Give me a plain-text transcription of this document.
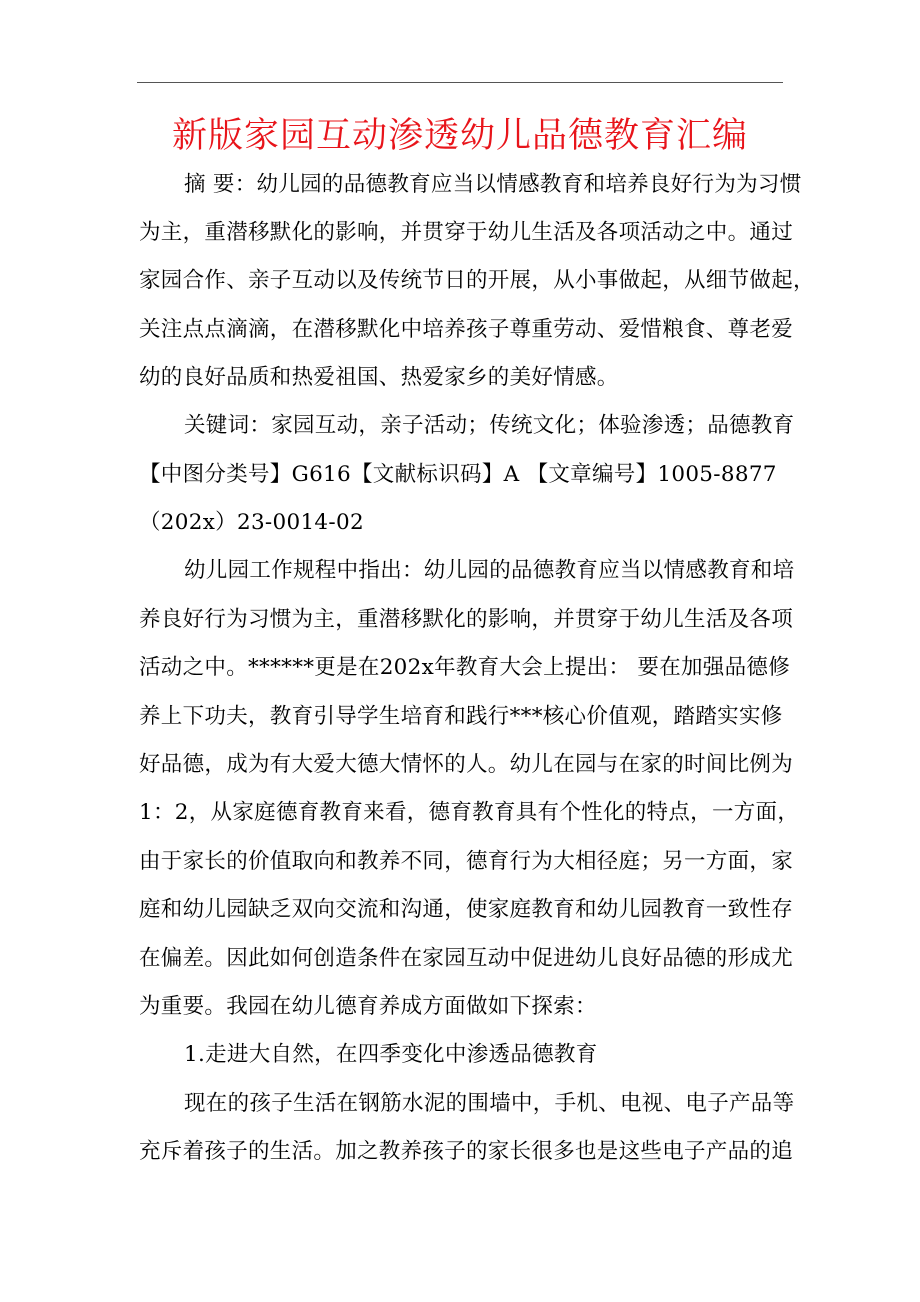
新版家园互动渗透幼儿品德教育汇编
摘 要：幼儿园的品德教育应当以情感教育和培养良好行为为习惯
为主，重潜移默化的影响，并贯穿于幼儿生活及各项活动之中。通过
家园合作、亲子互动以及传统节日的开展，从小事做起，从细节做起，
关注点点滴滴，在潜移默化中培养孩子尊重劳动、爱惜粮食、尊老爱
幼的良好品质和热爱祖国、热爱家乡的美好情感。
关键词：家园互动，亲子活动；传统文化；体验渗透；品德教育
【中图分类号】G616【文献标识码】A 【文章编号】1005-8877
（202x）23-0014-02
幼儿园工作规程中指出：幼儿园的品德教育应当以情感教育和培
养良好行为习惯为主，重潜移默化的影响，并贯穿于幼儿生活及各项
活动之中。******更是在202x年教育大会上提出： 要在加强品德修
养上下功夫，教育引导学生培育和践行***核心价值观，踏踏实实修
好品德，成为有大爱大德大情怀的人。幼儿在园与在家的时间比例为
1：2，从家庭德育教育来看，德育教育具有个性化的特点，一方面，
由于家长的价值取向和教养不同，德育行为大相径庭；另一方面，家
庭和幼儿园缺乏双向交流和沟通，使家庭教育和幼儿园教育一致性存
在偏差。因此如何创造条件在家园互动中促进幼儿良好品德的形成尤
为重要。我园在幼儿德育养成方面做如下探索：
1.走进大自然，在四季变化中渗透品德教育
现在的孩子生活在钢筋水泥的围墙中，手机、电视、电子产品等
充斥着孩子的生活。加之教养孩子的家长很多也是这些电子产品的追
